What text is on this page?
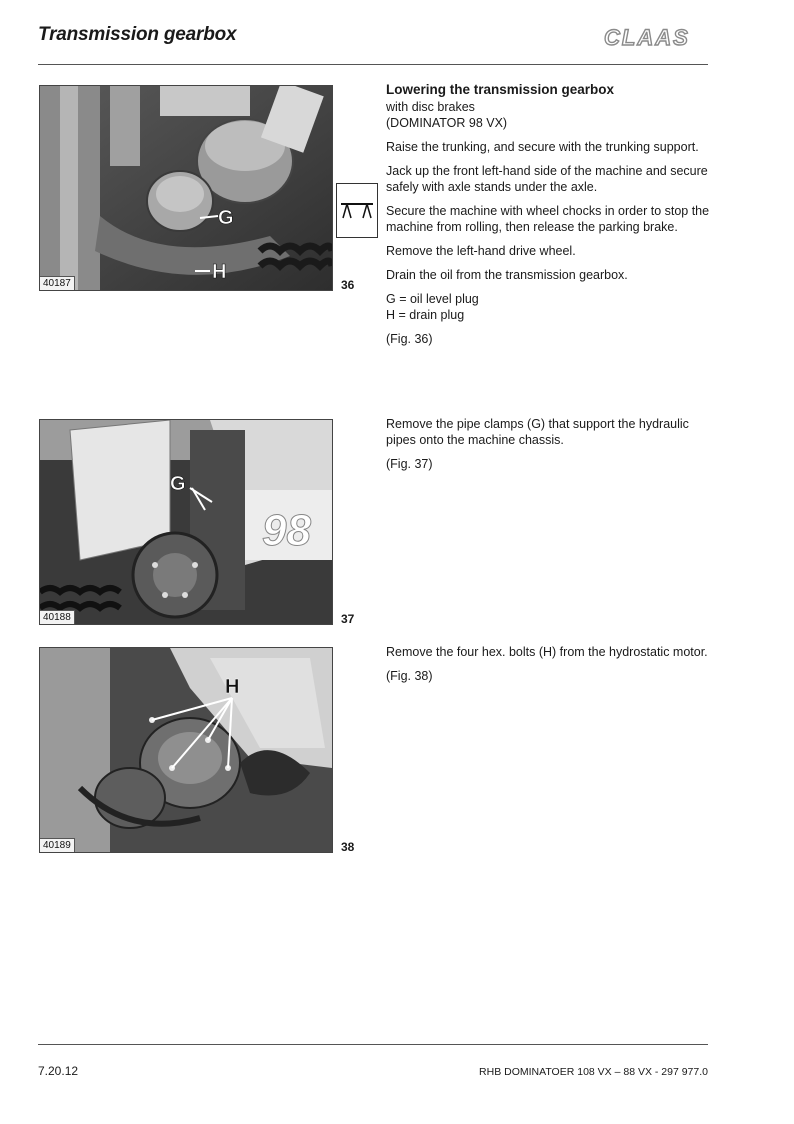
Transmission gearbox	CLAAS
G
H
40187	36
Lowering the transmission gearbox
with disc brakes
(DOMINATOR 98 VX)

Raise the trunking, and secure with the trunking support.

Jack up the front left-hand side of the machine and secure safely with axle stands under the axle.

Secure the machine with wheel chocks in order to stop the machine from rolling, then release the parking brake.

Remove the left-hand drive wheel.

Drain the oil from the transmission gearbox.

G = oil level plug
H = drain plug

(Fig. 36)

98
G
40188	37

Remove the pipe clamps (G) that support the hydraulic pipes onto the machine chassis.

(Fig. 37)

H
40189	38

Remove the four hex. bolts (H) from the hydrostatic motor.

(Fig. 38)

7.20.12	RHB DOMINATOER 108 VX – 88 VX - 297 977.0
